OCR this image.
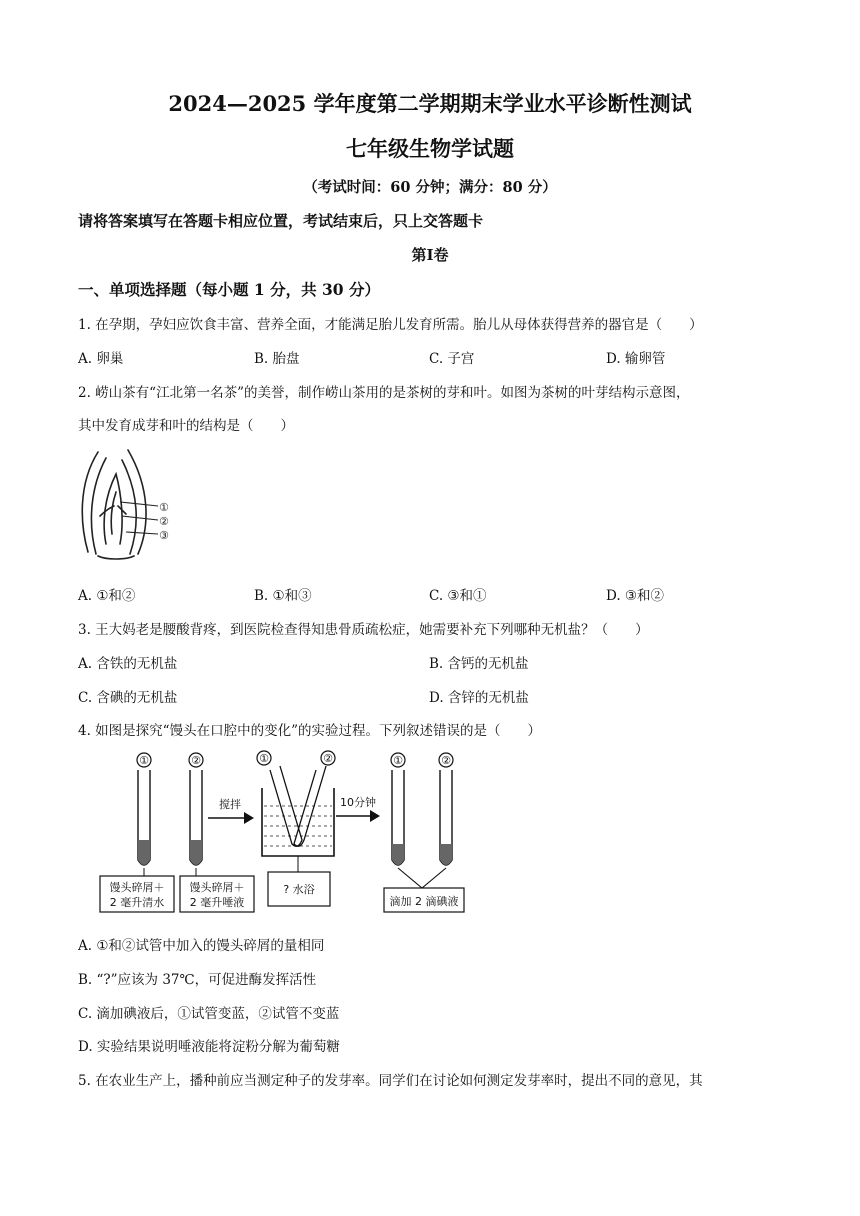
2024—2025 学年度第二学期期末学业水平诊断性测试
七年级生物学试题
（考试时间：60 分钟；满分：80 分）
请将答案填写在答题卡相应位置，考试结束后，只上交答题卡
第Ⅰ卷
一、单项选择题（每小题 1 分，共 30 分）
1. 在孕期，孕妇应饮食丰富、营养全面，才能满足胎儿发育所需。胎儿从母体获得营养的器官是（　　）
A. 卵巢	B. 胎盘	C. 子宫	D. 输卵管
2. 崂山茶有“江北第一名茶”的美誉，制作崂山茶用的是茶树的芽和叶。如图为茶树的叶芽结构示意图，
其中发育成芽和叶的结构是（　　）
①
②
③
A. ①和②	B. ①和③	C. ③和①	D. ③和②
3. 王大妈老是腰酸背疼，到医院检查得知患骨质疏松症，她需要补充下列哪种无机盐？（　　）
A. 含铁的无机盐	B. 含钙的无机盐
C. 含碘的无机盐	D. 含锌的无机盐
4. 如图是探究“馒头在口腔中的变化”的实验过程。下列叙述错误的是（　　）
①	②
馒头碎屑＋
2 毫升清水
馒头碎屑＋
2 毫升唾液
搅拌
①	②
? 水浴
10分钟
①	②
滴加 2 滴碘液
A. ①和②试管中加入的馒头碎屑的量相同
B. “?”应该为 37℃，可促进酶发挥活性
C. 滴加碘液后，①试管变蓝，②试管不变蓝
D. 实验结果说明唾液能将淀粉分解为葡萄糖
5. 在农业生产上，播种前应当测定种子的发芽率。同学们在讨论如何测定发芽率时，提出不同的意见，其
